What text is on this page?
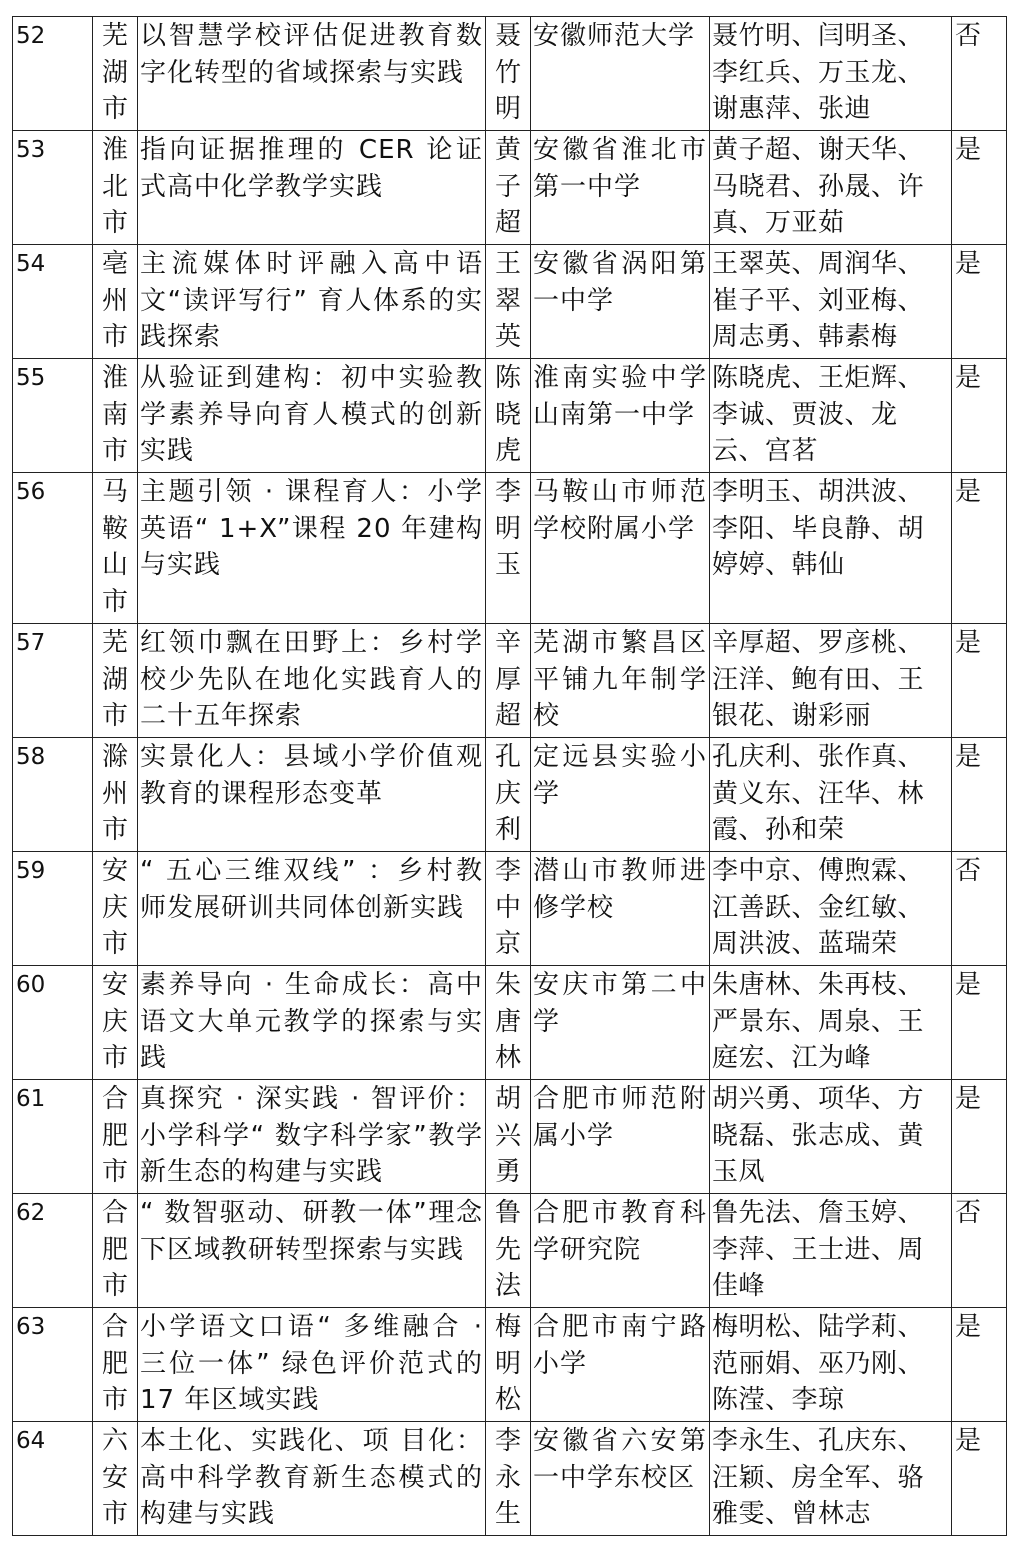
52	芜湖市	以智慧学校评估促进教育数字化转型的省域探索与实践	聂竹明	安徽师范大学	聂竹明、闫明圣、李红兵、万玉龙、谢惠萍、张迪	否
53	淮北市	指向证据推理的 CER 论证式高中化学教学实践	黄子超	安徽省淮北市第一中学	黄子超、谢天华、马晓君、孙晟、许真、万亚茹	是
54	亳州市	主流媒体时评融入高中语文“读评写行” 育人体系的实践探索	王翠英	安徽省涡阳第一中学	王翠英、周润华、崔子平、刘亚梅、周志勇、韩素梅	是
55	淮南市	从验证到建构：初中实验教学素养导向育人模式的创新实践	陈晓虎	淮南实验中学山南第一中学	陈晓虎、王炬辉、李诚、贾波、龙云、宫茗	是
56	马鞍山市	主题引领 · 课程育人：小学英语“ 1+X”课程 20 年建构与实践	李明玉	马鞍山市师范学校附属小学	李明玉、胡洪波、李阳、毕良静、胡婷婷、韩仙	是
57	芜湖市	红领巾飘在田野上：乡村学校少先队在地化实践育人的二十五年探索	辛厚超	芜湖市繁昌区平铺九年制学校	辛厚超、罗彦桃、汪洋、鲍有田、王银花、谢彩丽	是
58	滁州市	实景化人：县域小学价值观教育的课程形态变革	孔庆利	定远县实验小学	孔庆利、张作真、黄义东、汪华、林霞、孙和荣	是
59	安庆市	“ 五心三维双线” ：乡村教师发展研训共同体创新实践	李中京	潜山市教师进修学校	李中京、傅煦霖、江善跃、金红敏、周洪波、蓝瑞荣	否
60	安庆市	素养导向 · 生命成长：高中语文大单元教学的探索与实践	朱唐林	安庆市第二中学	朱唐林、朱再枝、严景东、周泉、王庭宏、江为峰	是
61	合肥市	真探究 · 深实践 · 智评价：小学科学“ 数字科学家”教学新生态的构建与实践	胡兴勇	合肥市师范附属小学	胡兴勇、项华、方晓磊、张志成、黄玉凤	是
62	合肥市	“ 数智驱动、研教一体”理念下区域教研转型探索与实践	鲁先法	合肥市教育科学研究院	鲁先法、詹玉婷、李萍、王士进、周佳峰	否
63	合肥市	小学语文口语“ 多维融合 · 三位一体” 绿色评价范式的 17 年区域实践	梅明松	合肥市南宁路小学	梅明松、陆学莉、范丽娟、巫乃刚、陈滢、李琼	是
64	六安市	本土化、实践化、项 目化：高中科学教育新生态模式的构建与实践	李永生	安徽省六安第一中学东校区	李永生、孔庆东、汪颖、房全军、骆雅雯、曾林志	是
